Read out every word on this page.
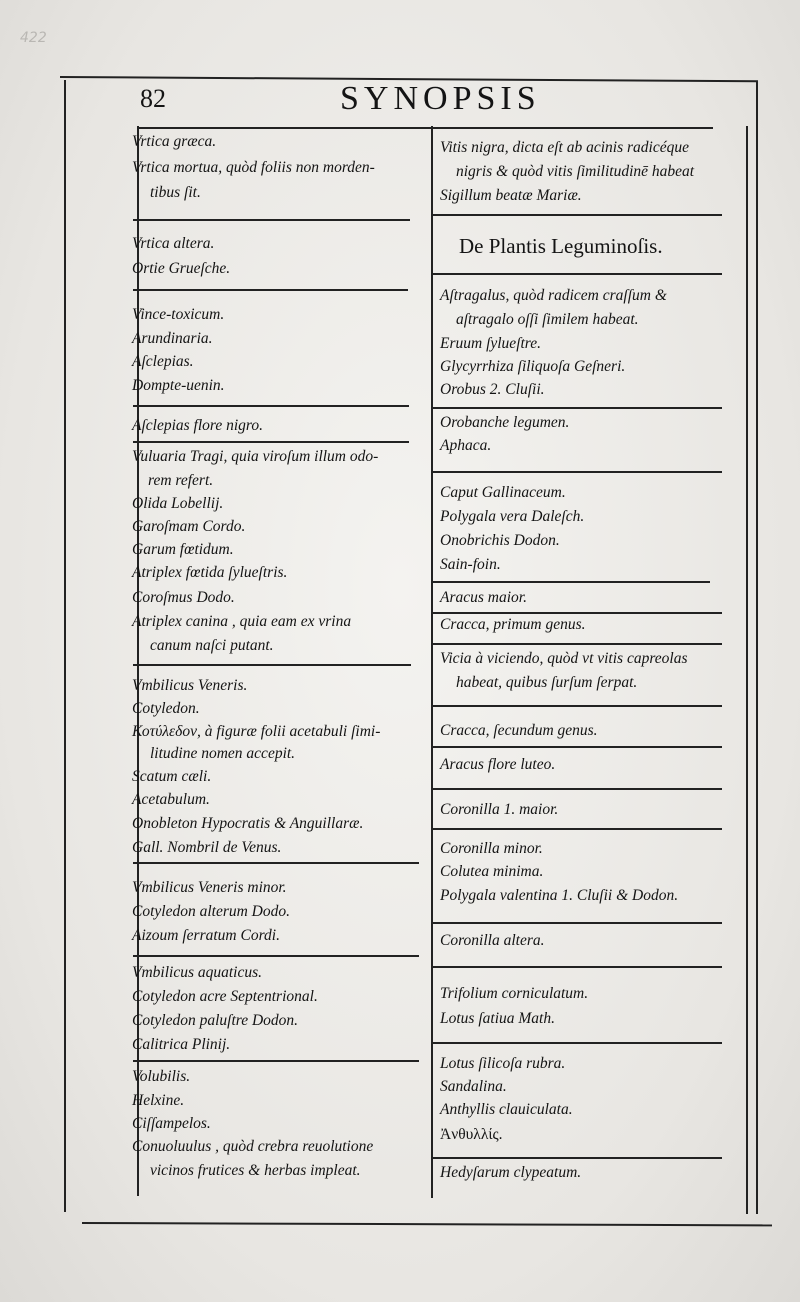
422
82	SYNOPSIS
Vrtica græca.
Vrtica mortua, quòd foliis non morden-
tibus ſit.
Vrtica altera.
Ortie Grueſche.
Vince-toxicum.
Arundinaria.
Aſclepias.
Dompte-uenin.
Aſclepias flore nigro.
Vuluaria Tragi, quia viroſum illum odo-
rem refert.
Olida Lobellij.
Garoſmam Cordo.
Garum fœtidum.
Atriplex fœtida ſylueſtris.
Coroſmus Dodo.
Atriplex canina , quia eam ex vrina
canum naſci putant.
Vmbilicus Veneris.
Cotyledon.
Κοτύλεδον, à figuræ folii acetabuli ſimi-
litudine nomen accepit.
Scatum cæli.
Acetabulum.
Onobleton Hypocratis & Anguillaræ.
Gall. Nombril de Venus.
Vmbilicus Veneris minor.
Cotyledon alterum Dodo.
Aizoum ſerratum Cordi.
Vmbilicus aquaticus.
Cotyledon acre Septentrional.
Cotyledon paluſtre Dodon.
Calitrica Plinij.
Volubilis.
Helxine.
Ciſſampelos.
Conuoluulus , quòd crebra reuolutione
vicinos frutices & herbas impleat.
Vitis nigra, dicta eſt ab acinis radicéque
nigris & quòd vitis ſimilitudinē habeat
Sigillum beatæ Mariæ.
De Plantis Leguminoſis.
Aſtragalus, quòd radicem craſſum &
aſtragalo oſſi ſimilem habeat.
Eruum ſylueſtre.
Glycyrrhiza ſiliquoſa Geſneri.
Orobus 2. Cluſii.
Orobanche legumen.
Aphaca.
Caput Gallinaceum.
Polygala vera Daleſch.
Onobrichis Dodon.
Sain-foin.
Aracus maior.
Cracca, primum genus.
Vicia à viciendo, quòd vt vitis capreolas
habeat, quibus ſurſum ſerpat.
Cracca, ſecundum genus.
Aracus flore luteo.
Coronilla 1. maior.
Coronilla minor.
Colutea minima.
Polygala valentina 1. Cluſii & Dodon.
Coronilla altera.
Trifolium corniculatum.
Lotus ſatiua Math.
Lotus ſilicoſa rubra.
Sandalina.
Anthyllis clauiculata.
Ἀνθυλλίς.
Hedyſarum clypeatum.
